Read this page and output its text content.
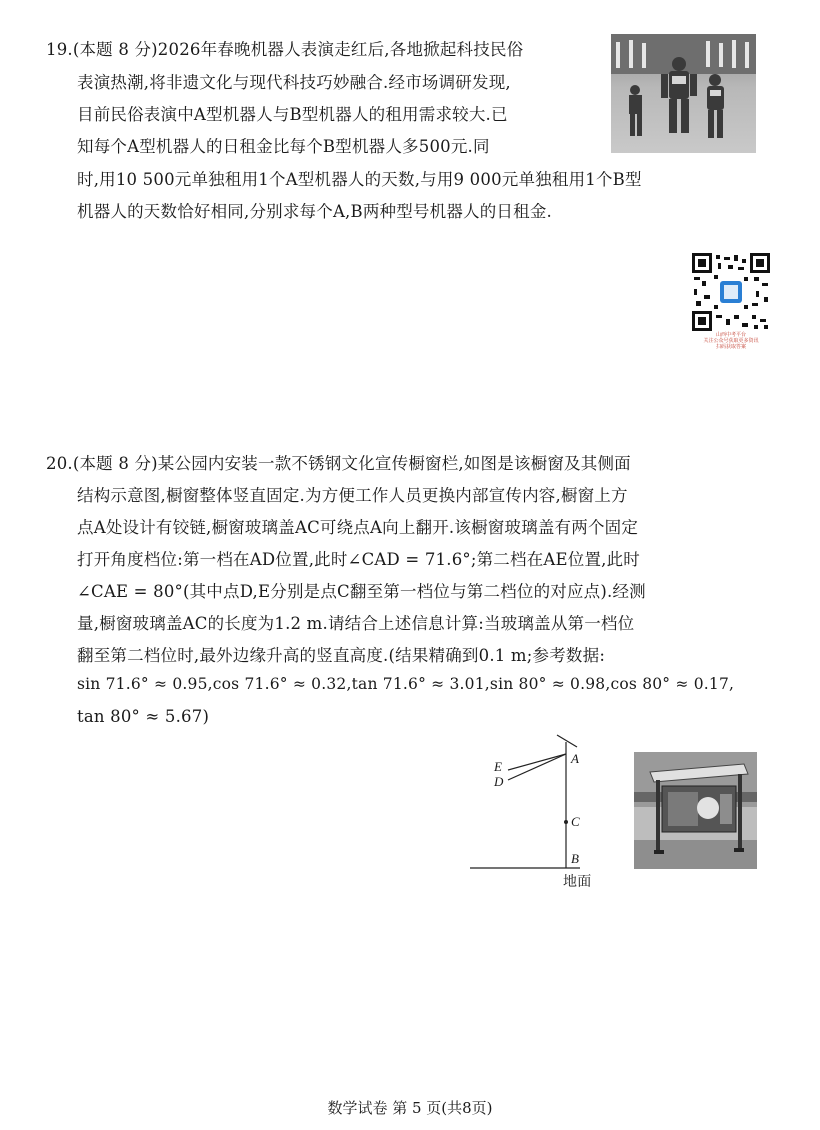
19.(本题 8 分)2026年春晚机器人表演走红后,各地掀起科技民俗
表演热潮,将非遗文化与现代科技巧妙融合.经市场调研发现,
目前民俗表演中A型机器人与B型机器人的租用需求较大.已
知每个A型机器人的日租金比每个B型机器人多500元.同
时,用10 500元单独租用1个A型机器人的天数,与用9 000元单独租用1个B型
机器人的天数恰好相同,分别求每个A,B两种型号机器人的日租金.
山西中考平台
关注公众号获取更多资讯
扫码获取答案
20.(本题 8 分)某公园内安装一款不锈钢文化宣传橱窗栏,如图是该橱窗及其侧面
结构示意图,橱窗整体竖直固定.为方便工作人员更换内部宣传内容,橱窗上方
点A处设计有铰链,橱窗玻璃盖AC可绕点A向上翻开.该橱窗玻璃盖有两个固定
打开角度档位:第一档在AD位置,此时∠CAD = 71.6°;第二档在AE位置,此时
∠CAE = 80°(其中点D,E分别是点C翻至第一档位与第二档位的对应点).经测
量,橱窗玻璃盖AC的长度为1.2 m.请结合上述信息计算:当玻璃盖从第一档位
翻至第二档位时,最外边缘升高的竖直高度.(结果精确到0.1 m;参考数据:
sin 71.6° ≈ 0.95,cos 71.6° ≈ 0.32,tan 71.6° ≈ 3.01,sin 80° ≈ 0.98,cos 80° ≈ 0.17,
tan 80° ≈ 5.67)
E
D
A
C
B
地面
数学试卷 第 5 页(共8页)
